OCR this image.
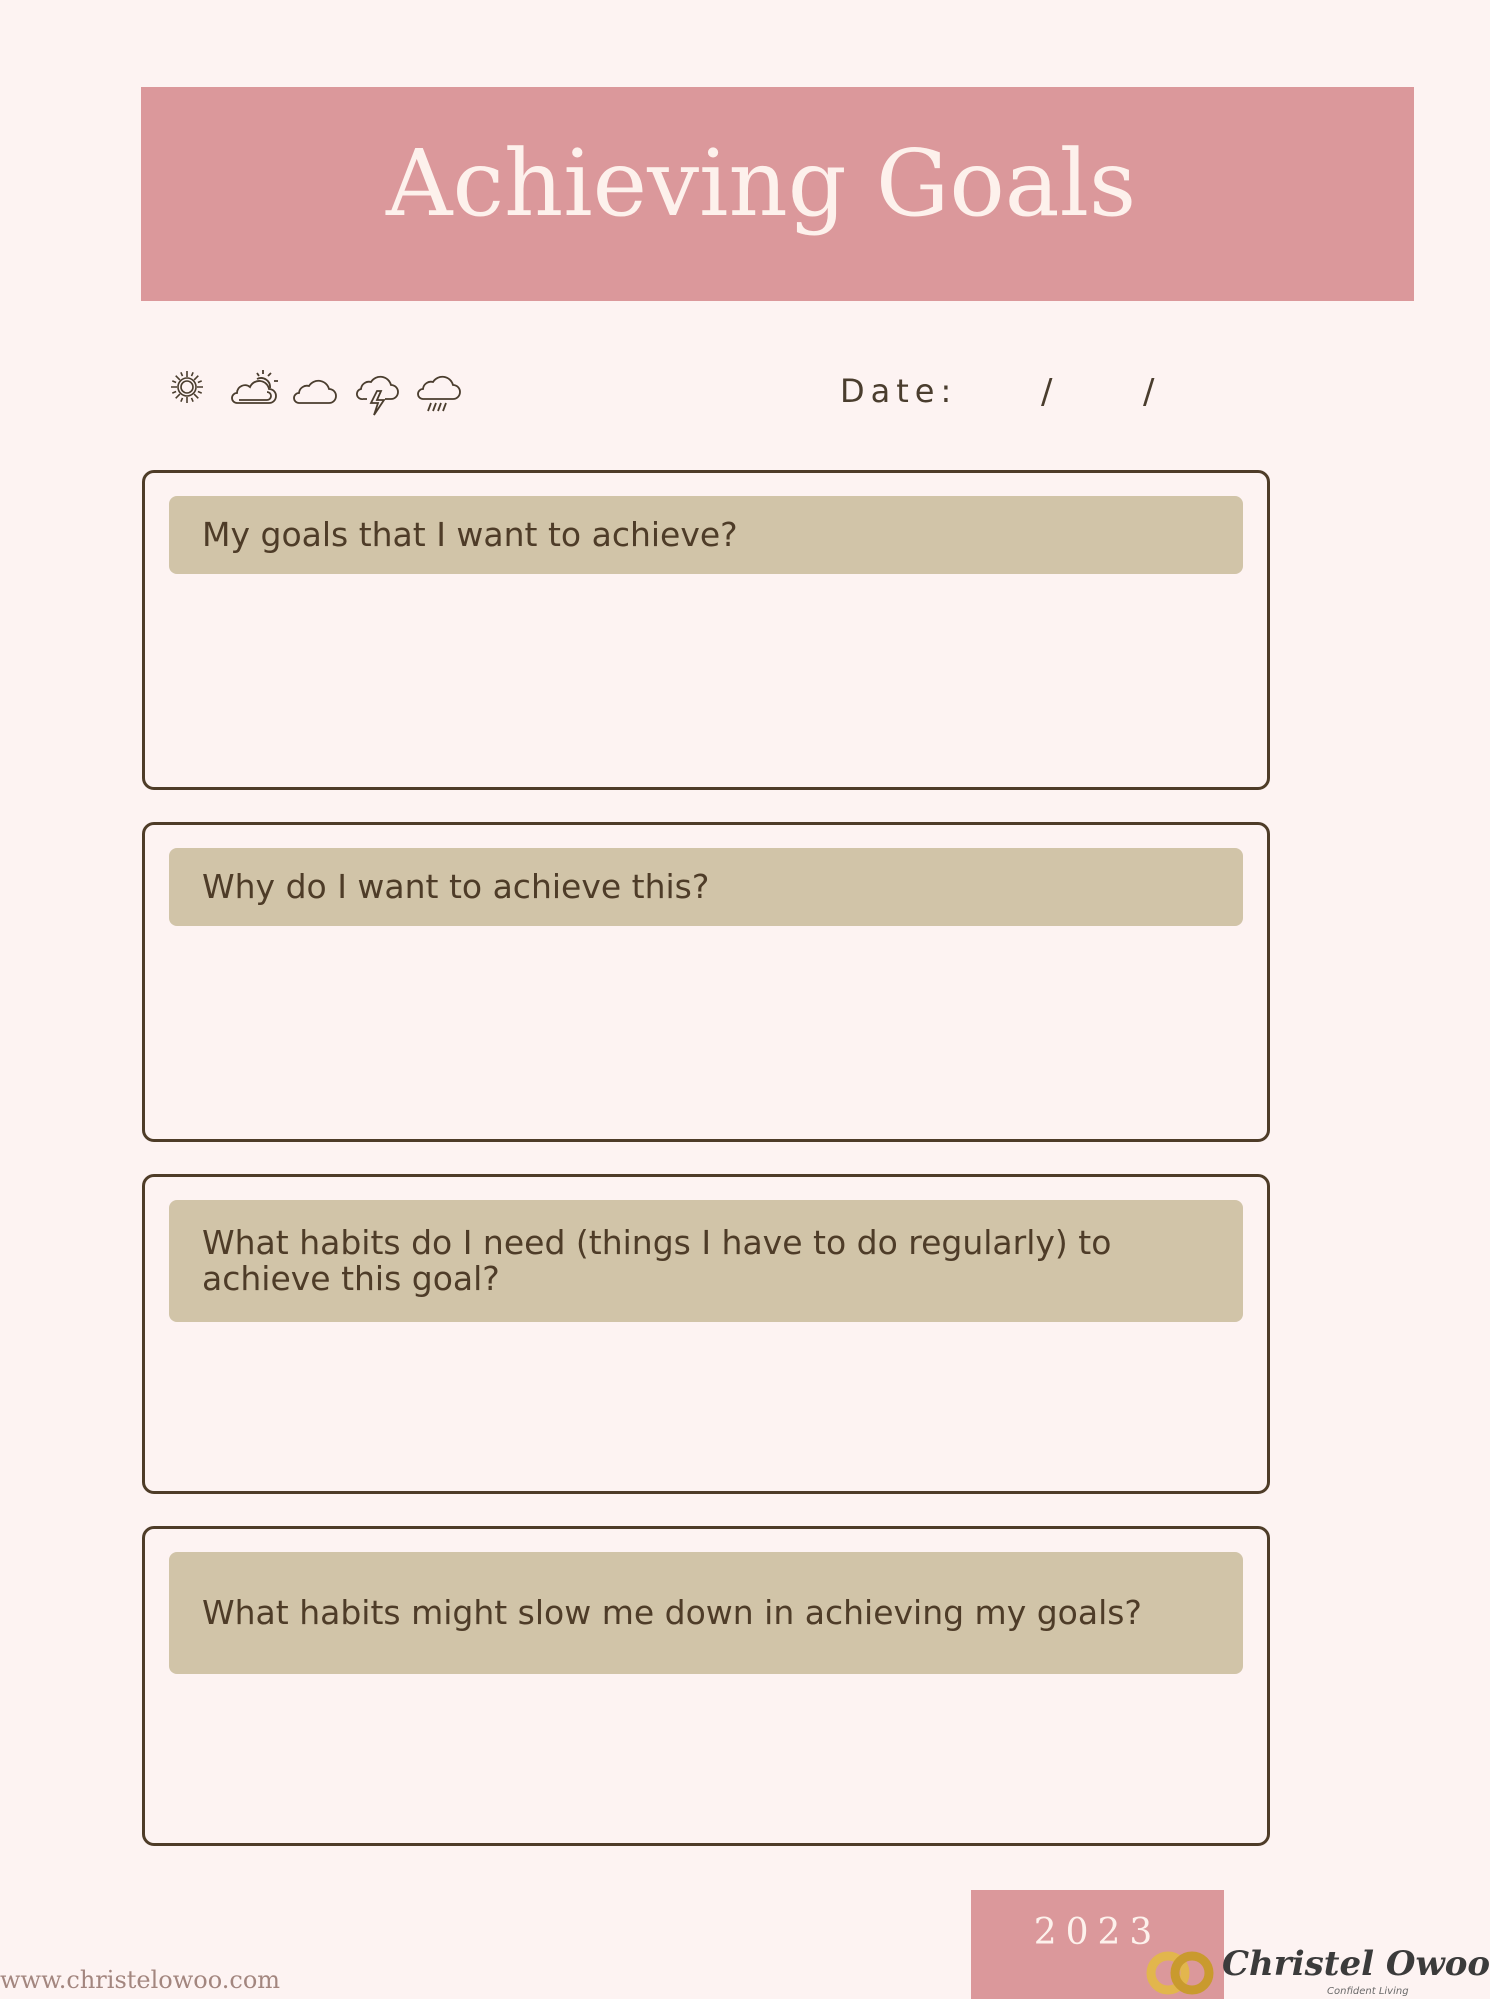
Achieving Goals
Date: / /
My goals that I want to achieve?
Why do I want to achieve this?
What habits do I need (things I have to do regularly) to achieve this goal?
What habits might slow me down in achieving my goals?
2023
www.christelowoo.com	Christel Owoo
Confident Living
